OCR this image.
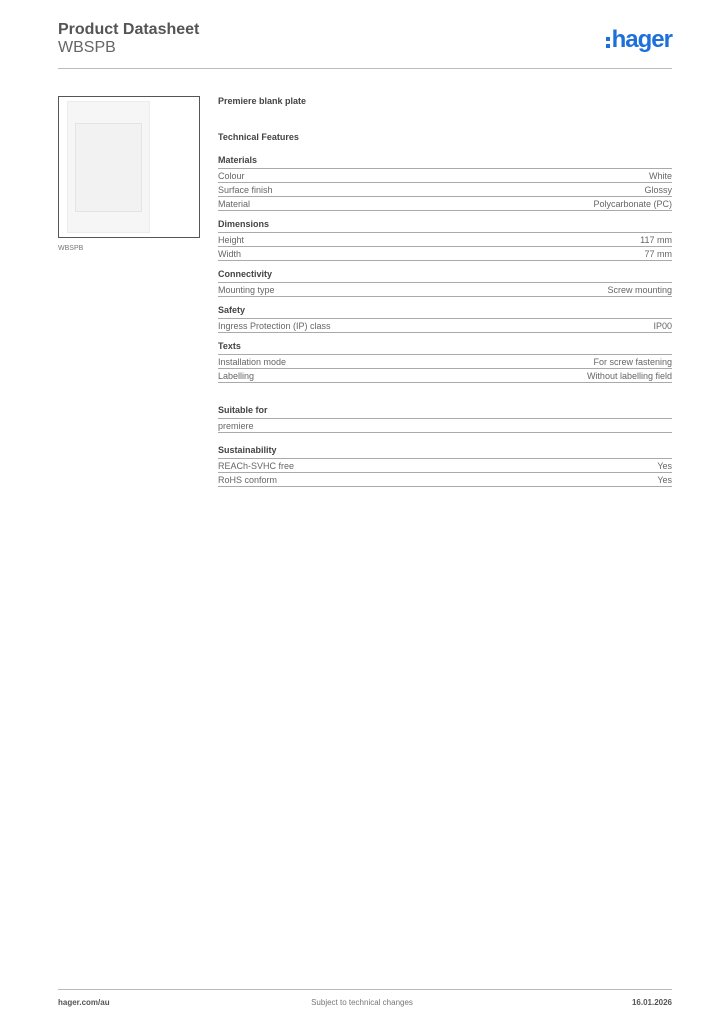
Product Datasheet
WBSPB	hager
WBSPB
Premiere blank plate
Technical Features
Materials
Colour	White
Surface finish	Glossy
Material	Polycarbonate (PC)
Dimensions
Height	117 mm
Width	77 mm
Connectivity
Mounting type	Screw mounting
Safety
Ingress Protection (IP) class	IP00
Texts
Installation mode	For screw fastening
Labelling	Without labelling field
Suitable for
premiere
Sustainability
REACh-SVHC free	Yes
RoHS conform	Yes
hager.com/au	Subject to technical changes	16.01.2026
